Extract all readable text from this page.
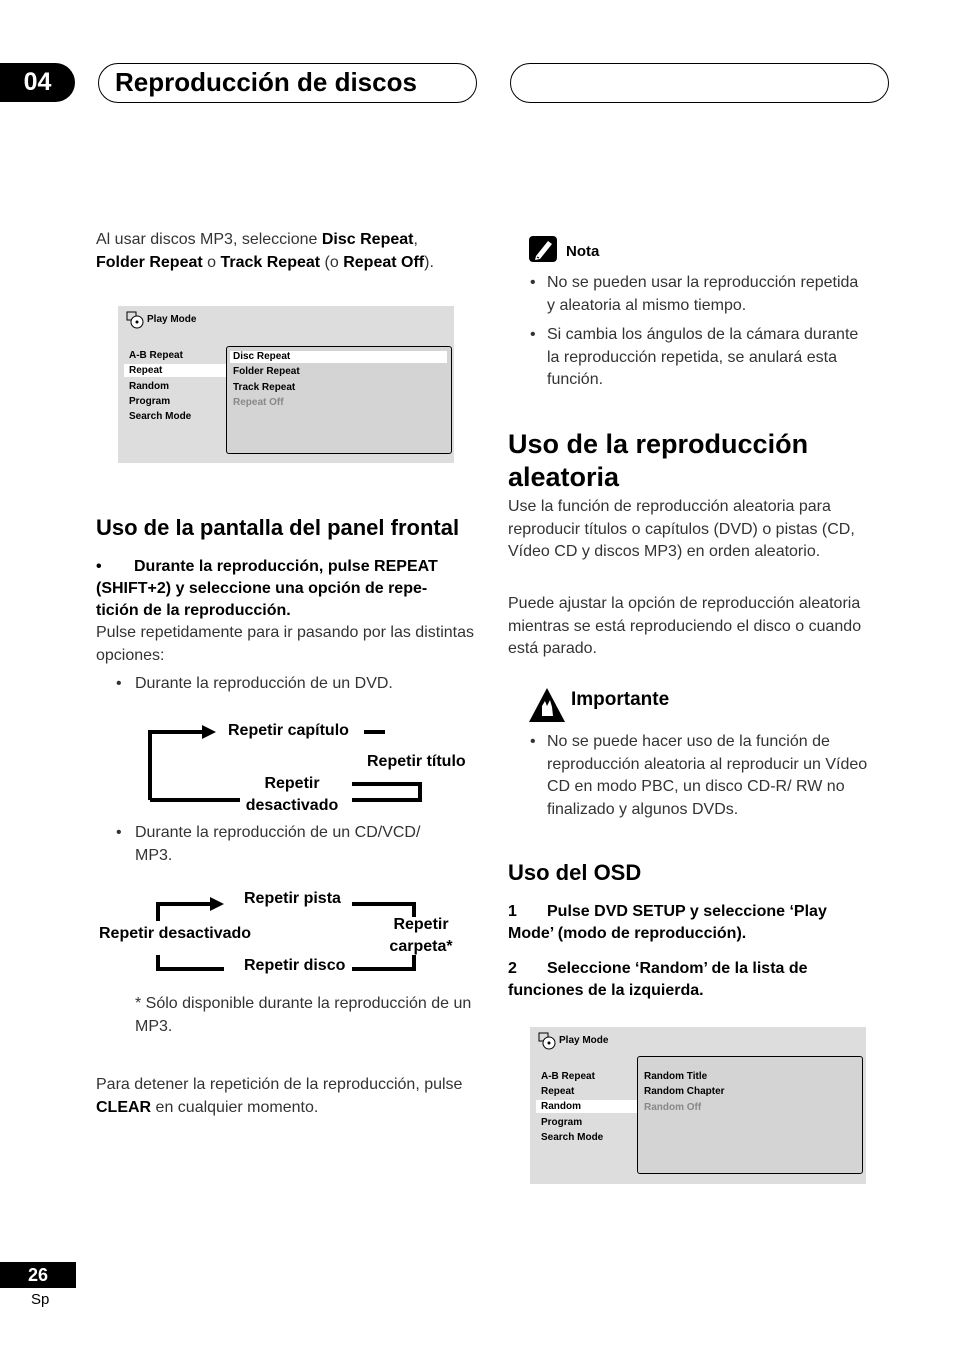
04	Reproducción de discos
Al usar discos MP3, seleccione Disc Repeat,
Folder Repeat o Track Repeat (o Repeat Off).
Play Mode
A-B Repeat
Repeat
Random
Program
Search Mode
Disc Repeat
Folder Repeat
Track Repeat
Repeat Off
Uso de la pantalla del panel frontal
•	Durante la reproducción, pulse REPEAT
(SHIFT+2) y seleccione una opción de repe-
tición de la reproducción.
Pulse repetidamente para ir pasando por las distintas opciones:
•   Durante la reproducción de un DVD.
Repetir capítulo
Repetir título
Repetir
desactivado
•   Durante la reproducción de un CD/VCD/
MP3.
Repetir pista
Repetir desactivado
Repetir
carpeta*
Repetir disco
* Sólo disponible durante la reproducción de un MP3.
Para detener la repetición de la reproducción, pulse CLEAR en cualquier momento.
Nota
• No se pueden usar la reproducción repetida y aleatoria al mismo tiempo.
• Si cambia los ángulos de la cámara durante la reproducción repetida, se anulará esta función.
Uso de la reproducción
aleatoria
Use la función de reproducción aleatoria para reproducir títulos o capítulos (DVD) o pistas (CD, Vídeo CD y discos MP3) en orden aleatorio.
Puede ajustar la opción de reproducción aleatoria mientras se está reproduciendo el disco o cuando está parado.
Importante
• No se puede hacer uso de la función de reproducción aleatoria al reproducir un Vídeo CD en modo PBC, un disco CD-R/ RW no finalizado y algunos DVDs.
Uso del OSD
1	Pulse DVD SETUP y seleccione ‘Play Mode’ (modo de reproducción).
2	Seleccione ‘Random’ de la lista de funciones de la izquierda.
Play Mode
A-B Repeat
Repeat
Random
Program
Search Mode
Random Title
Random Chapter
Random Off
26
Sp
